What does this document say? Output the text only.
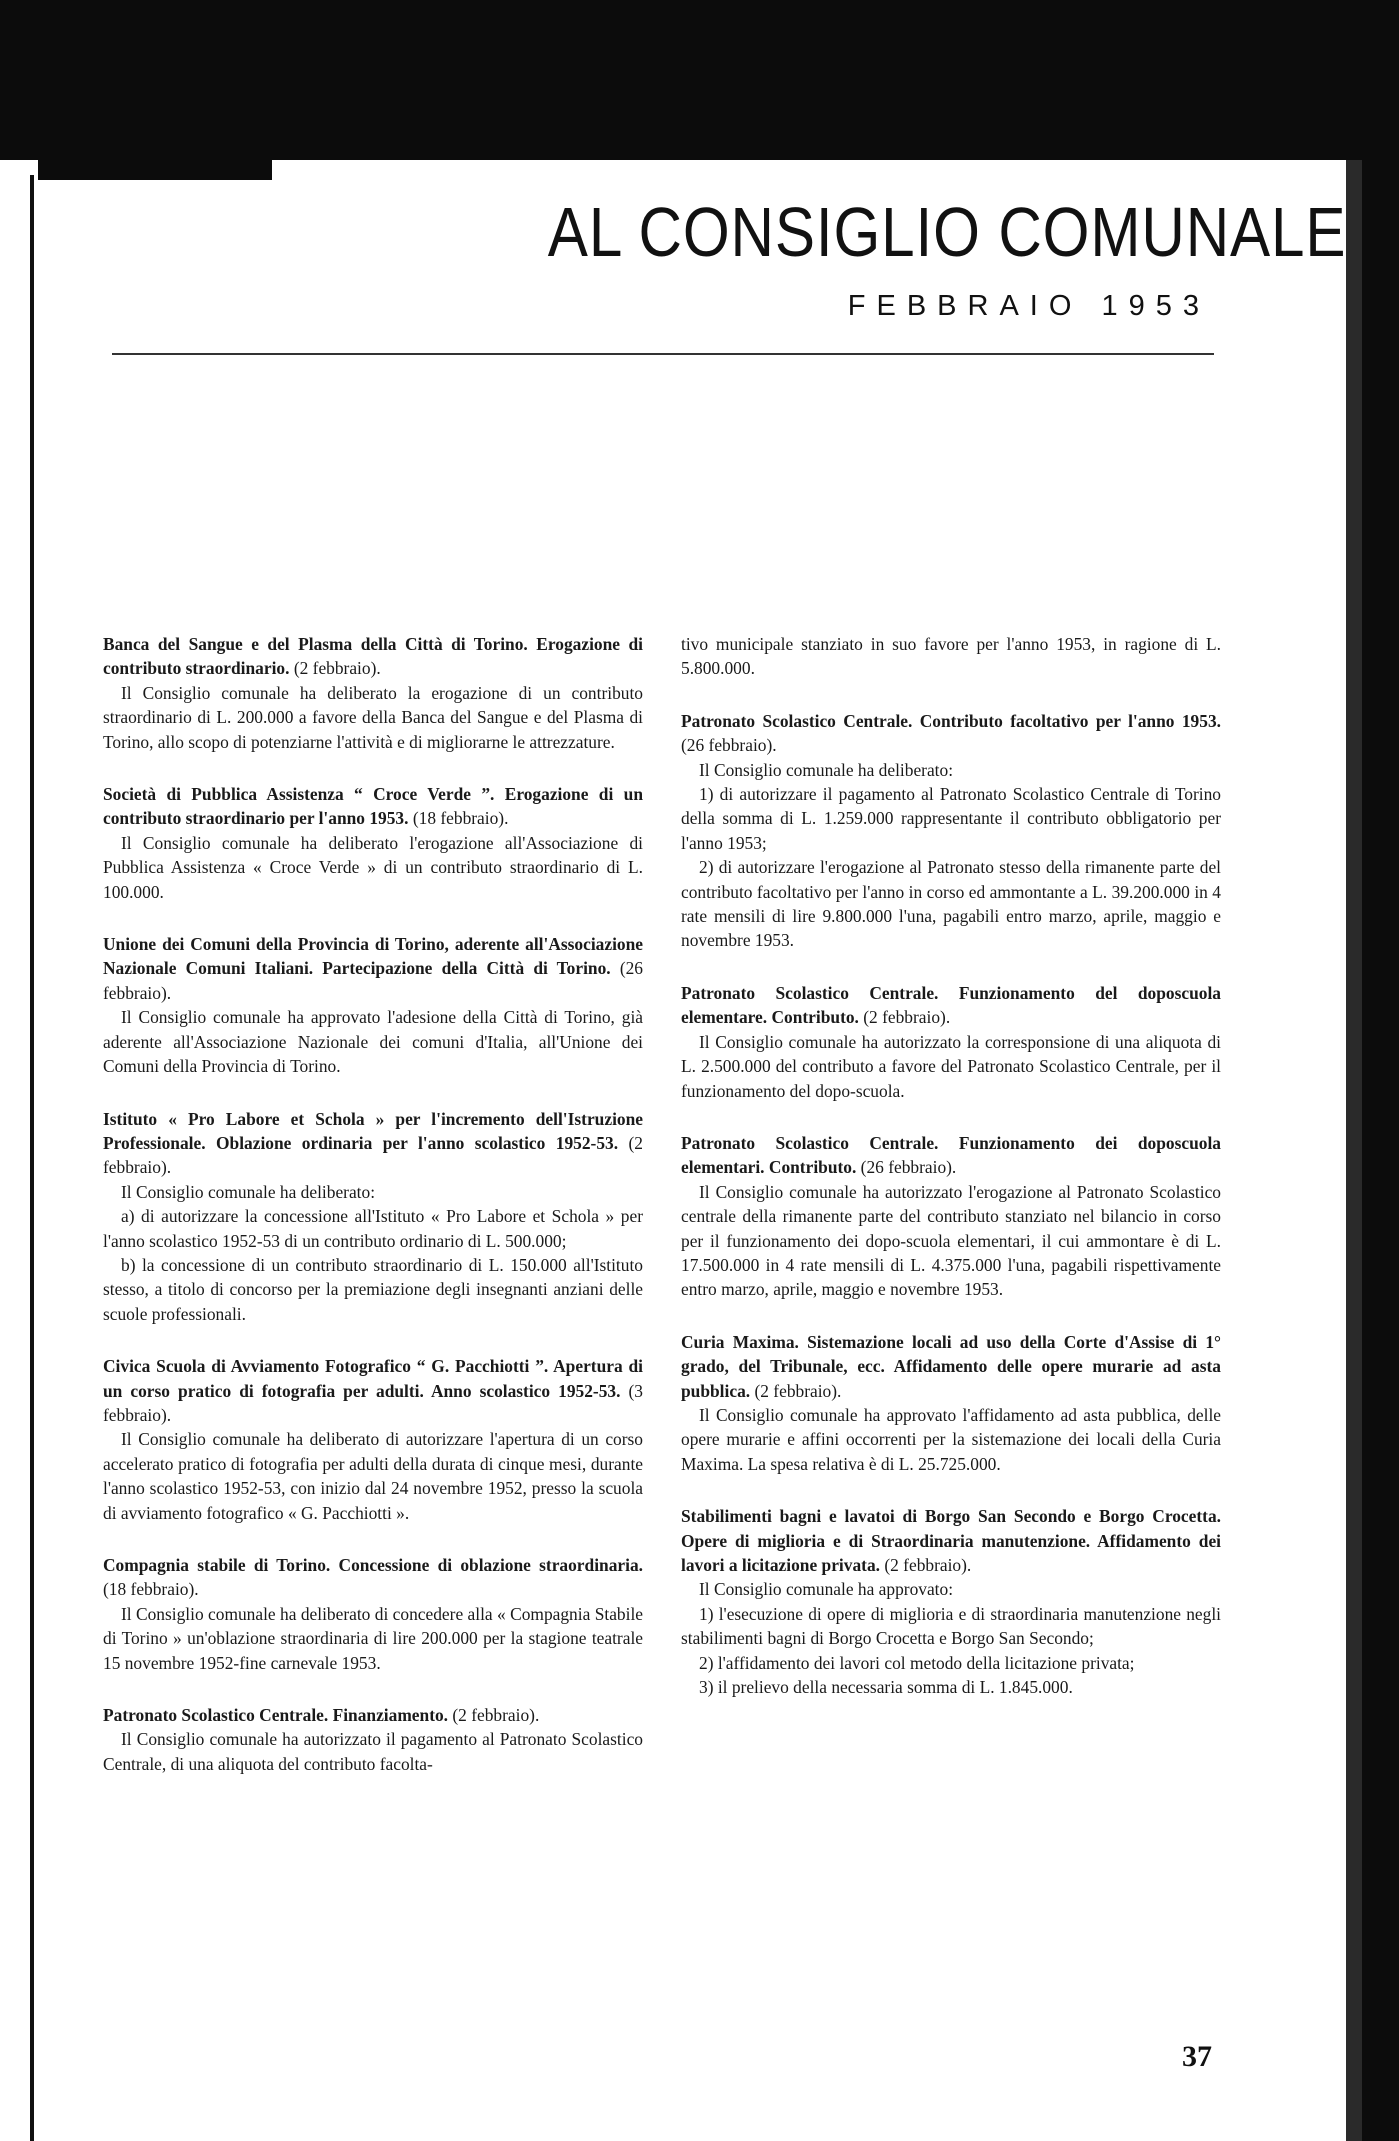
AL CONSIGLIO COMUNALE
FEBBRAIO 1953

Banca del Sangue e del Plasma della Città di Torino. Erogazione di contributo straordinario. (2 febbraio).

Il Consiglio comunale ha deliberato la erogazione di un contributo straordinario di L. 200.000 a favore della Banca del Sangue e del Plasma di Torino, allo scopo di potenziarne l'attività e di migliorarne le attrezzature.

Società di Pubblica Assistenza “ Croce Verde ”. Erogazione di un contributo straordinario per l'anno 1953. (18 febbraio).

Il Consiglio comunale ha deliberato l'erogazione all'Associazione di Pubblica Assistenza « Croce Verde » di un contributo straordinario di L. 100.000.

Unione dei Comuni della Provincia di Torino, aderente all'Associazione Nazionale Comuni Italiani. Partecipazione della Città di Torino. (26 febbraio).

Il Consiglio comunale ha approvato l'adesione della Città di Torino, già aderente all'Associazione Nazionale dei comuni d'Italia, all'Unione dei Comuni della Provincia di Torino.

Istituto « Pro Labore et Schola » per l'incremento dell'Istruzione Professionale. Oblazione ordinaria per l'anno scolastico 1952-53. (2 febbraio).

Il Consiglio comunale ha deliberato:

a) di autorizzare la concessione all'Istituto « Pro Labore et Schola » per l'anno scolastico 1952-53 di un contributo ordinario di L. 500.000;

b) la concessione di un contributo straordinario di L. 150.000 all'Istituto stesso, a titolo di concorso per la premiazione degli insegnanti anziani delle scuole professionali.

Civica Scuola di Avviamento Fotografico “ G. Pacchiotti ”. Apertura di un corso pratico di fotografia per adulti. Anno scolastico 1952-53. (3 febbraio).

Il Consiglio comunale ha deliberato di autorizzare l'apertura di un corso accelerato pratico di fotografia per adulti della durata di cinque mesi, durante l'anno scolastico 1952-53, con inizio dal 24 novembre 1952, presso la scuola di avviamento fotografico « G. Pacchiotti ».

Compagnia stabile di Torino. Concessione di oblazione straordinaria. (18 febbraio).

Il Consiglio comunale ha deliberato di concedere alla « Compagnia Stabile di Torino » un'oblazione straordinaria di lire 200.000 per la stagione teatrale 15 novembre 1952-fine carnevale 1953.

Patronato Scolastico Centrale. Finanziamento. (2 febbraio).

Il Consiglio comunale ha autorizzato il pagamento al Patronato Scolastico Centrale, di una aliquota del contributo facolta-

tivo municipale stanziato in suo favore per l'anno 1953, in ragione di L. 5.800.000.

Patronato Scolastico Centrale. Contributo facoltativo per l'anno 1953. (26 febbraio).

Il Consiglio comunale ha deliberato:

1) di autorizzare il pagamento al Patronato Scolastico Centrale di Torino della somma di L. 1.259.000 rappresentante il contributo obbligatorio per l'anno 1953;

2) di autorizzare l'erogazione al Patronato stesso della rimanente parte del contributo facoltativo per l'anno in corso ed ammontante a L. 39.200.000 in 4 rate mensili di lire 9.800.000 l'una, pagabili entro marzo, aprile, maggio e novembre 1953.

Patronato Scolastico Centrale. Funzionamento del doposcuola elementare. Contributo. (2 febbraio).

Il Consiglio comunale ha autorizzato la corresponsione di una aliquota di L. 2.500.000 del contributo a favore del Patronato Scolastico Centrale, per il funzionamento del dopo-scuola.

Patronato Scolastico Centrale. Funzionamento dei doposcuola elementari. Contributo. (26 febbraio).

Il Consiglio comunale ha autorizzato l'erogazione al Patronato Scolastico centrale della rimanente parte del contributo stanziato nel bilancio in corso per il funzionamento dei dopo-scuola elementari, il cui ammontare è di L. 17.500.000 in 4 rate mensili di L. 4.375.000 l'una, pagabili rispettivamente entro marzo, aprile, maggio e novembre 1953.

Curia Maxima. Sistemazione locali ad uso della Corte d'Assise di 1° grado, del Tribunale, ecc. Affidamento delle opere murarie ad asta pubblica. (2 febbraio).

Il Consiglio comunale ha approvato l'affidamento ad asta pubblica, delle opere murarie e affini occorrenti per la sistemazione dei locali della Curia Maxima. La spesa relativa è di L. 25.725.000.

Stabilimenti bagni e lavatoi di Borgo San Secondo e Borgo Crocetta. Opere di miglioria e di Straordinaria manutenzione. Affidamento dei lavori a licitazione privata. (2 febbraio).

Il Consiglio comunale ha approvato:

1) l'esecuzione di opere di miglioria e di straordinaria manutenzione negli stabilimenti bagni di Borgo Crocetta e Borgo San Secondo;

2) l'affidamento dei lavori col metodo della licitazione privata;

3) il prelievo della necessaria somma di L. 1.845.000.

37
